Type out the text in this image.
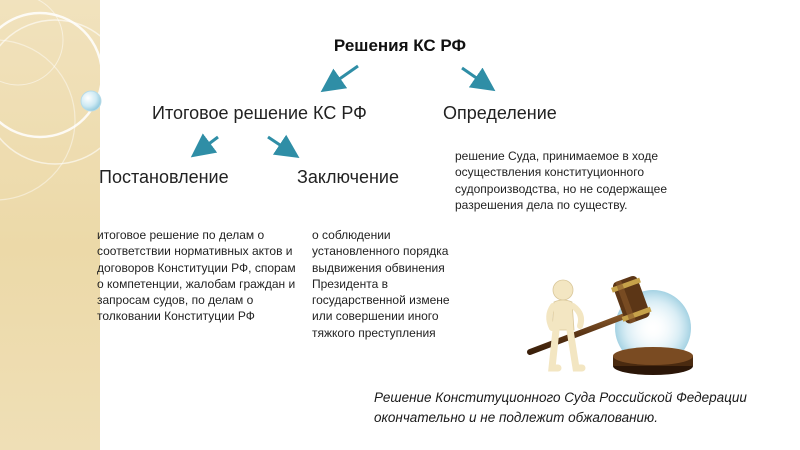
Решения КС РФ
Итоговое решение КС РФ	Определение
Постановление	Заключение
решение Суда, принимаемое в ходе осуществления конституционного судопроизводства, но не содержащее разрешения дела по существу.
итоговое решение по делам о соответствии нормативных актов и договоров Конституции РФ, спорам о компетенции, жалобам граждан и запросам судов, по делам о толковании Конституции РФ
о соблюдении установленного порядка выдвижения обвинения Президента в государственной измене или совершении иного тяжкого преступления
Решение Конституционного Суда Российской Федерации окончательно и не подлежит обжалованию.
